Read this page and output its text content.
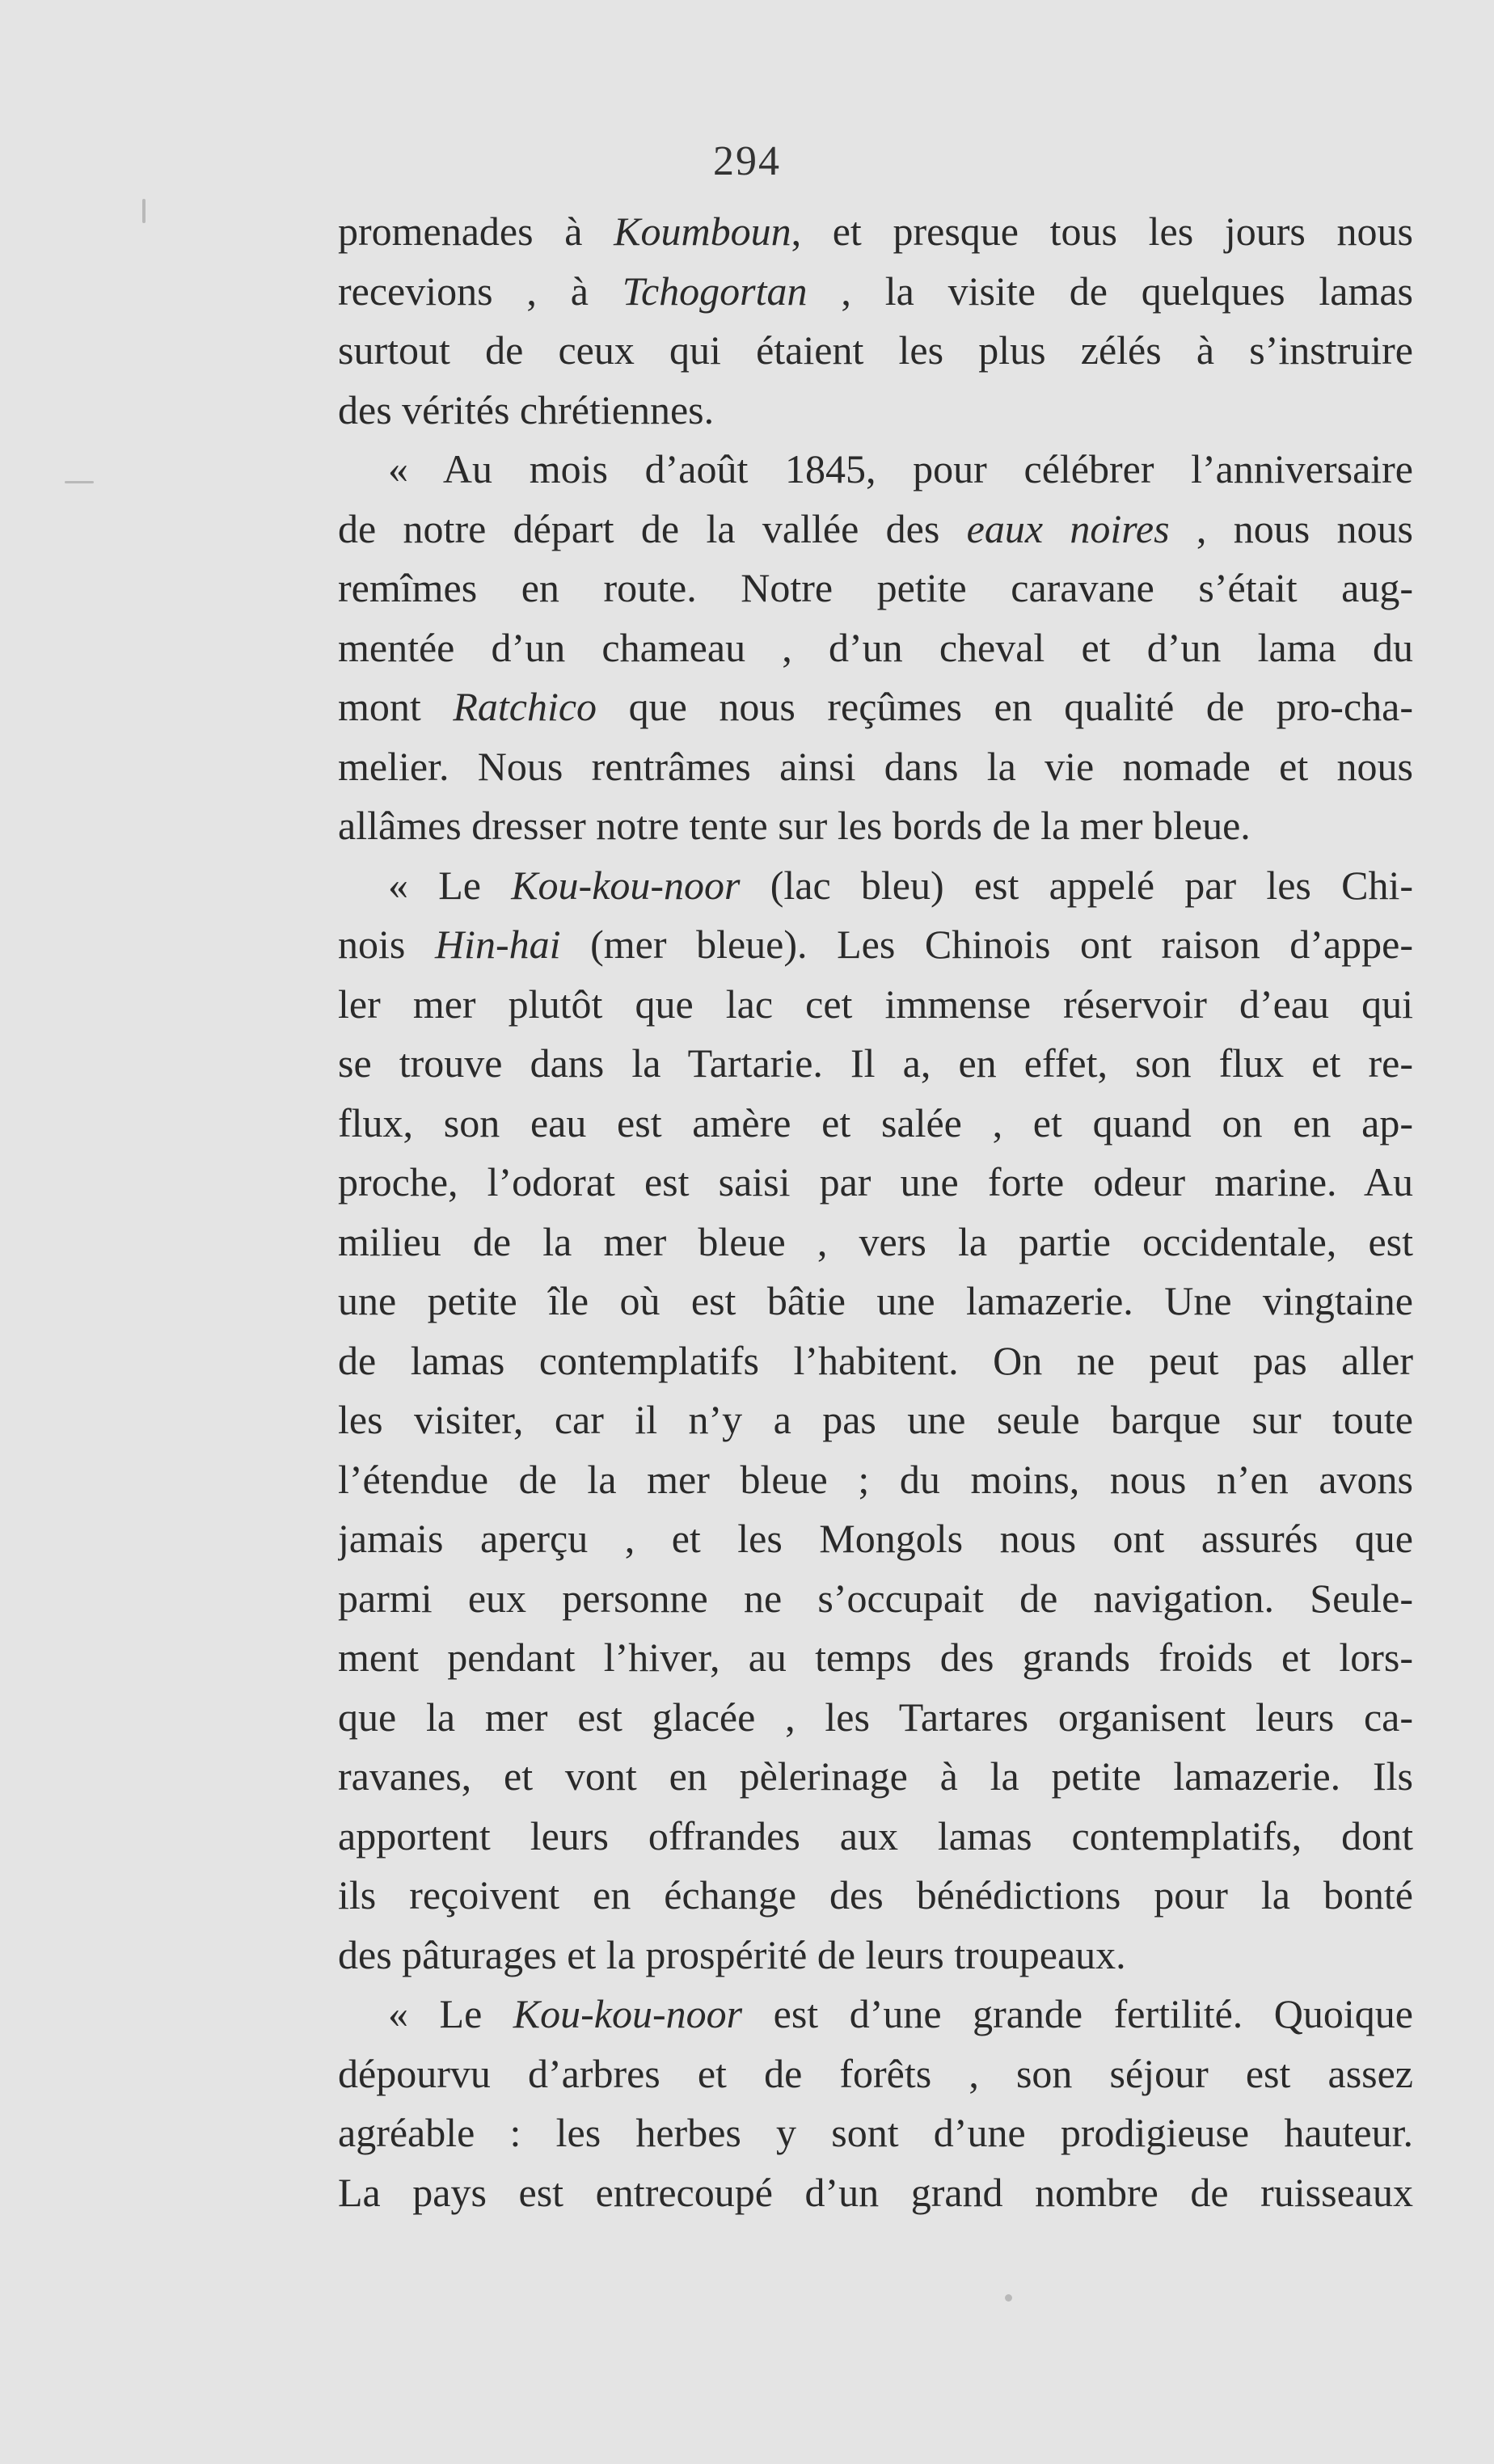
294
promenades à Koumboun, et presque tous les jours nous
recevions , à Tchogortan , la visite de quelques lamas
surtout de ceux qui étaient les plus zélés à s’instruire
des vérités chrétiennes.
« Au mois d’août 1845, pour célébrer l’anniversaire
de notre départ de la vallée des eaux noires , nous nous
remîmes en route. Notre petite caravane s’était aug-
mentée d’un chameau , d’un cheval et d’un lama du
mont Ratchico que nous reçûmes en qualité de pro-cha-
melier. Nous rentrâmes ainsi dans la vie nomade et nous
allâmes dresser notre tente sur les bords de la mer bleue.
« Le Kou-kou-noor (lac bleu) est appelé par les Chi-
nois Hin-hai (mer bleue). Les Chinois ont raison d’appe-
ler mer plutôt que lac cet immense réservoir d’eau qui
se trouve dans la Tartarie. Il a, en effet, son flux et re-
flux, son eau est amère et salée , et quand on en ap-
proche, l’odorat est saisi par une forte odeur marine. Au
milieu de la mer bleue , vers la partie occidentale, est
une petite île où est bâtie une lamazerie. Une vingtaine
de lamas contemplatifs l’habitent. On ne peut pas aller
les visiter, car il n’y a pas une seule barque sur toute
l’étendue de la mer bleue ; du moins, nous n’en avons
jamais aperçu , et les Mongols nous ont assurés que
parmi eux personne ne s’occupait de navigation. Seule-
ment pendant l’hiver, au temps des grands froids et lors-
que la mer est glacée , les Tartares organisent leurs ca-
ravanes, et vont en pèlerinage à la petite lamazerie. Ils
apportent leurs offrandes aux lamas contemplatifs, dont
ils reçoivent en échange des bénédictions pour la bonté
des pâturages et la prospérité de leurs troupeaux.
« Le Kou-kou-noor est d’une grande fertilité. Quoique
dépourvu d’arbres et de forêts , son séjour est assez
agréable : les herbes y sont d’une prodigieuse hauteur.
La pays est entrecoupé d’un grand nombre de ruisseaux
